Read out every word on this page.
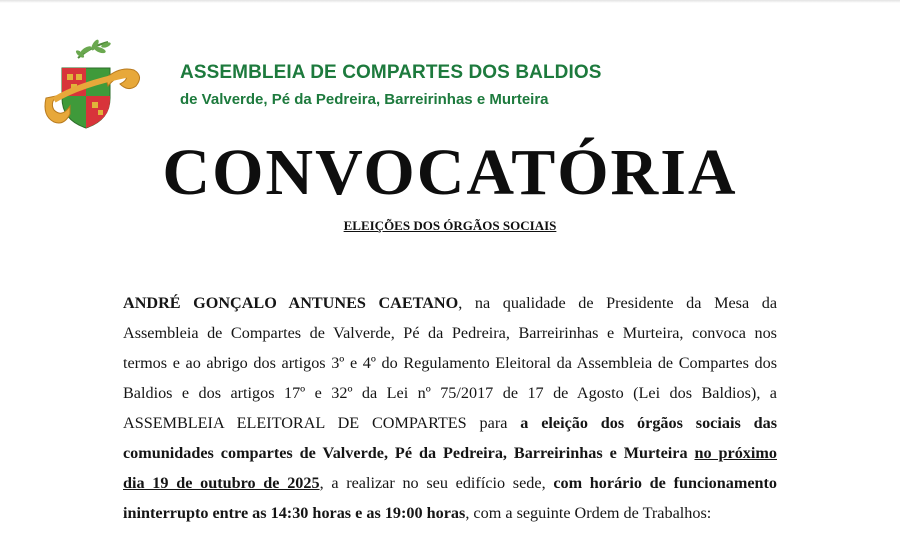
ASSEMBLEIA DE COMPARTES DOS BALDIOS
de Valverde, Pé da Pedreira, Barreirinhas e Murteira
CONVOCATÓRIA
ELEIÇÕES DOS ÓRGÃOS SOCIAIS
ANDRÉ GONÇALO ANTUNES CAETANO, na qualidade de Presidente da Mesa da
Assembleia de Compartes de Valverde, Pé da Pedreira, Barreirinhas e Murteira, convoca nos
termos e ao abrigo dos artigos 3º e 4º do Regulamento Eleitoral da Assembleia de Compartes dos
Baldios e dos artigos 17º e 32º da Lei nº 75/2017 de 17 de Agosto (Lei dos Baldios), a
ASSEMBLEIA ELEITORAL DE COMPARTES para a eleição dos órgãos sociais das
comunidades compartes de Valverde, Pé da Pedreira, Barreirinhas e Murteira no próximo
dia 19 de outubro de 2025, a realizar no seu edifício sede, com horário de funcionamento
ininterrupto entre as 14:30 horas e as 19:00 horas, com a seguinte Ordem de Trabalhos:
